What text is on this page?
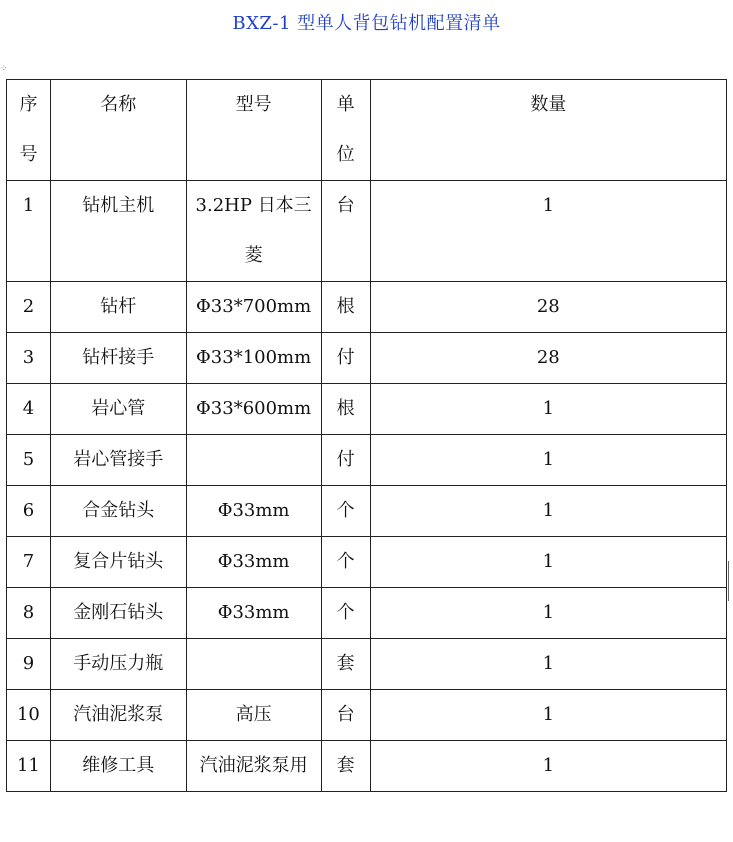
BXZ-1 型单人背包钻机配置清单
⁘
序号	名称	型号	单位	数量
1	钻机主机	3.2HP 日本三菱	台	1
2	钻杆	Φ33*700mm	根	28
3	钻杆接手	Φ33*100mm	付	28
4	岩心管	Φ33*600mm	根	1
5	岩心管接手		付	1
6	合金钻头	Φ33mm	个	1
7	复合片钻头	Φ33mm	个	1
8	金刚石钻头	Φ33mm	个	1
9	手动压力瓶		套	1
10	汽油泥浆泵	高压	台	1
11	维修工具	汽油泥浆泵用	套	1
